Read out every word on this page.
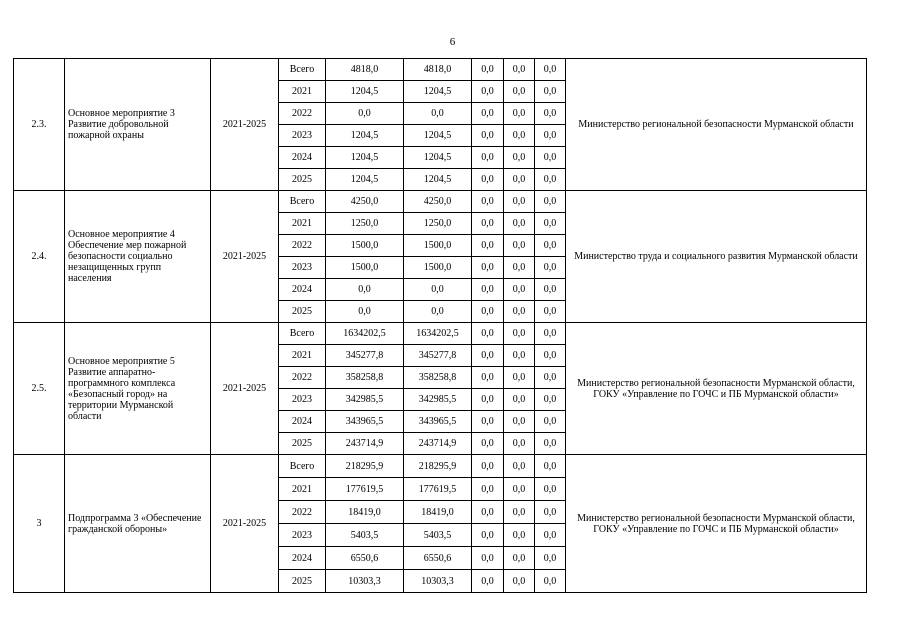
6
2.3.	Основное мероприятие 3 Развитие добровольной пожарной охраны	2021-2025	Всего	4818,0	4818,0	0,0	0,0	0,0	Министерство региональной безопасности Мурманской области
			2021	1204,5	1204,5	0,0	0,0	0,0	
			2022	0,0	0,0	0,0	0,0	0,0	
			2023	1204,5	1204,5	0,0	0,0	0,0	
			2024	1204,5	1204,5	0,0	0,0	0,0	
			2025	1204,5	1204,5	0,0	0,0	0,0	
2.4.	Основное мероприятие 4 Обеспечение мер пожарной безопасности социально незащищенных групп населения	2021-2025	Всего	4250,0	4250,0	0,0	0,0	0,0	Министерство труда и социального развития Мурманской области
			2021	1250,0	1250,0	0,0	0,0	0,0	
			2022	1500,0	1500,0	0,0	0,0	0,0	
			2023	1500,0	1500,0	0,0	0,0	0,0	
			2024	0,0	0,0	0,0	0,0	0,0	
			2025	0,0	0,0	0,0	0,0	0,0	
2.5.	Основное мероприятие 5 Развитие аппаратно-программного комплекса «Безопасный город» на территории Мурманской области	2021-2025	Всего	1634202,5	1634202,5	0,0	0,0	0,0	Министерство региональной безопасности Мурманской области, ГОКУ «Управление по ГОЧС и ПБ Мурманской области»
			2021	345277,8	345277,8	0,0	0,0	0,0	
			2022	358258,8	358258,8	0,0	0,0	0,0	
			2023	342985,5	342985,5	0,0	0,0	0,0	
			2024	343965,5	343965,5	0,0	0,0	0,0	
			2025	243714,9	243714,9	0,0	0,0	0,0	
3	Подпрограмма 3 «Обеспечение гражданской обороны»	2021-2025	Всего	218295,9	218295,9	0,0	0,0	0,0	Министерство региональной безопасности Мурманской области, ГОКУ «Управление по ГОЧС и ПБ Мурманской области»
			2021	177619,5	177619,5	0,0	0,0	0,0	
			2022	18419,0	18419,0	0,0	0,0	0,0	
			2023	5403,5	5403,5	0,0	0,0	0,0	
			2024	6550,6	6550,6	0,0	0,0	0,0	
			2025	10303,3	10303,3	0,0	0,0	0,0	
